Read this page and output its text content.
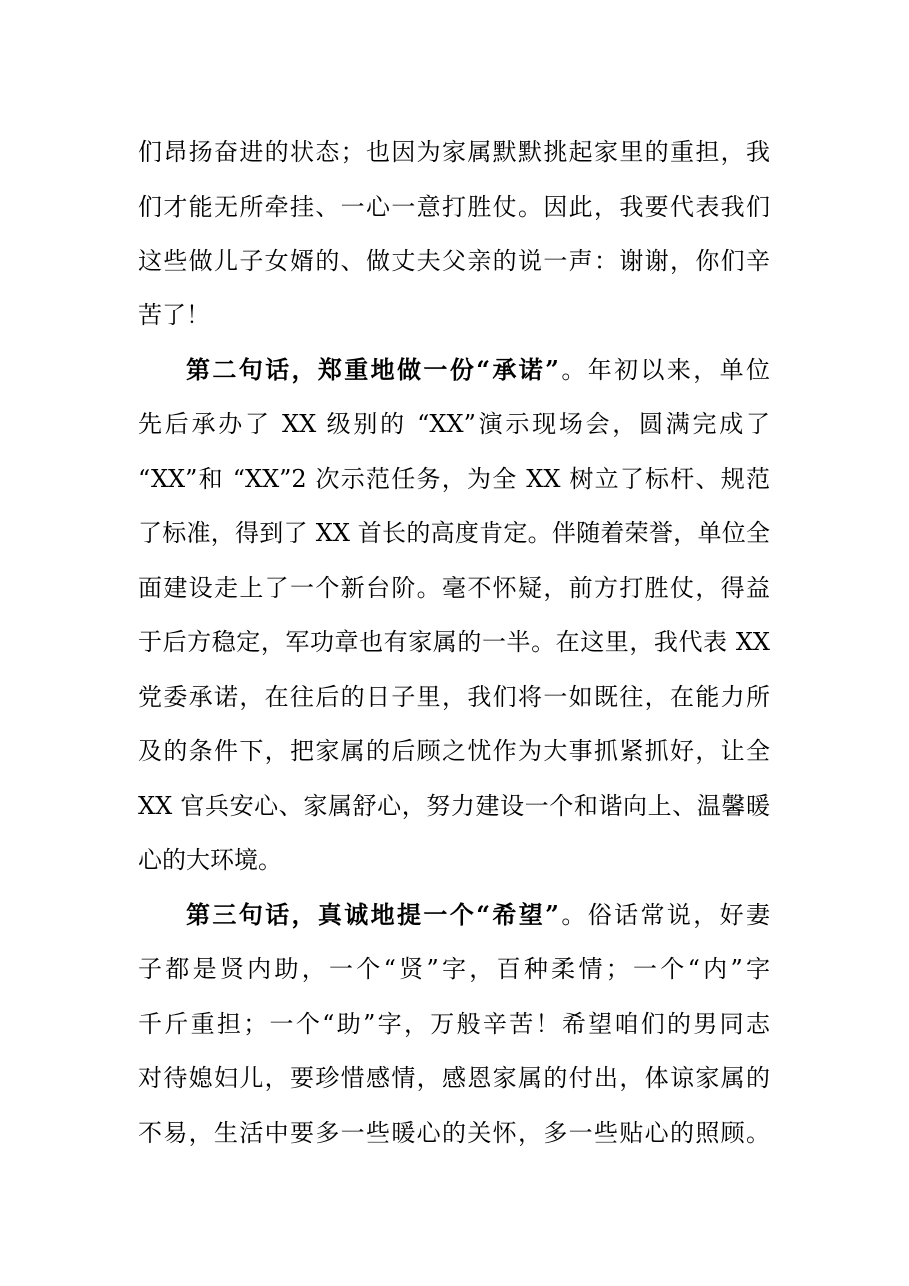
们昂扬奋进的状态；也因为家属默默挑起家里的重担，我
们才能无所牵挂、一心一意打胜仗。因此，我要代表我们
这些做儿子女婿的、做丈夫父亲的说一声：谢谢，你们辛
苦了！
第二句话，郑重地做一份“承诺”。年初以来，单位
先后承办了 XX 级别的 “XX”演示现场会，圆满完成了
“XX”和 “XX”2 次示范任务，为全 XX 树立了标杆、规范
了标准，得到了 XX 首长的高度肯定。伴随着荣誉，单位全
面建设走上了一个新台阶。毫不怀疑，前方打胜仗，得益
于后方稳定，军功章也有家属的一半。在这里，我代表 XX
党委承诺，在往后的日子里，我们将一如既往，在能力所
及的条件下，把家属的后顾之忧作为大事抓紧抓好，让全
XX 官兵安心、家属舒心，努力建设一个和谐向上、温馨暖
心的大环境。
第三句话，真诚地提一个“希望”。俗话常说，好妻
子都是贤内助，一个“贤”字，百种柔情；一个“内”字
千斤重担；一个“助”字，万般辛苦！希望咱们的男同志
对待媳妇儿，要珍惜感情，感恩家属的付出，体谅家属的
不易，生活中要多一些暖心的关怀，多一些贴心的照顾。
